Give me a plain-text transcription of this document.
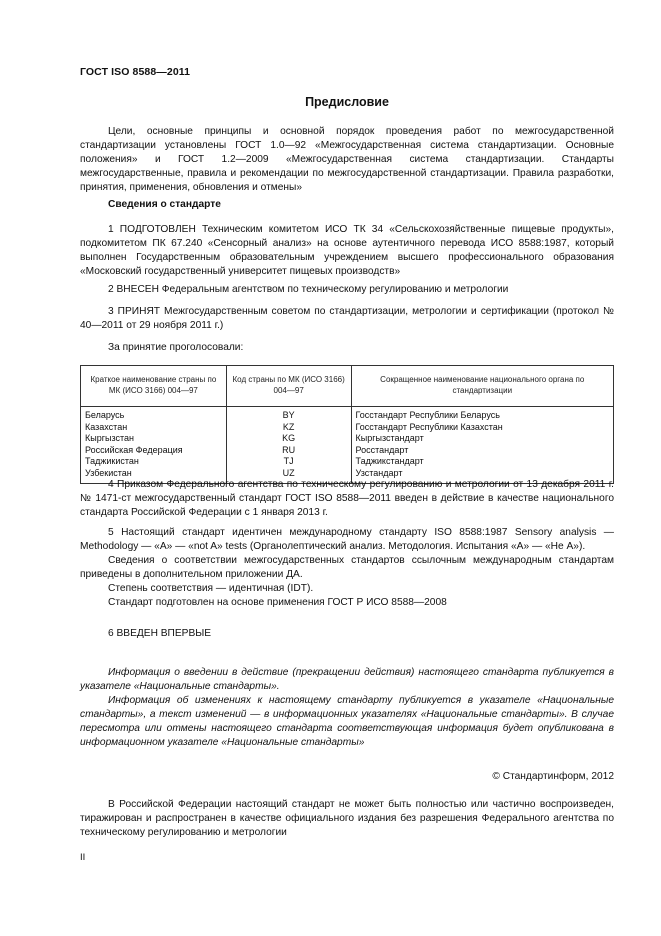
ГОСТ ISO 8588—2011
Предисловие

Цели, основные принципы и основной порядок проведения работ по межгосударственной стандартизации установлены ГОСТ 1.0—92 «Межгосударственная система стандартизации. Основные положения» и ГОСТ 1.2—2009 «Межгосударственная система стандартизации. Стандарты межгосударственные, правила и рекомендации по межгосударственной стандартизации. Правила разработки, принятия, применения, обновления и отмены»

Сведения о стандарте

1 ПОДГОТОВЛЕН Техническим комитетом ИСО ТК 34 «Сельскохозяйственные пищевые продукты», подкомитетом ПК 67.240 «Сенсорный анализ» на основе аутентичного перевода ИСО 8588:1987, который выполнен Государственным образовательным учреждением высшего профессионального образования «Московский государственный университет пищевых производств»

2 ВНЕСЕН Федеральным агентством по техническому регулированию и метрологии

3 ПРИНЯТ Межгосударственным советом по стандартизации, метрологии и сертификации (протокол № 40—2011 от 29 ноября 2011 г.)

За принятие проголосовали:

Краткое наименование страны по МК (ИСО 3166) 004—97	Код страны по МК (ИСО 3166) 004—97	Сокращенное наименование национального органа по стандартизации
Беларусь	BY	Госстандарт Республики Беларусь
Казахстан	KZ	Госстандарт Республики Казахстан
Кыргызстан	KG	Кыргызстандарт
Российская Федерация	RU	Росстандарт
Таджикистан	TJ	Таджикстандарт
Узбекистан	UZ	Узстандарт

4 Приказом Федерального агентства по техническому регулированию и метрологии от 13 декабря 2011 г. № 1471-ст межгосударственный стандарт ГОСТ ISO 8588—2011 введен в действие в качестве национального стандарта Российской Федерации с 1 января 2013 г.

5 Настоящий стандарт идентичен международному стандарту ISO 8588:1987 Sensory analysis — Methodology — «A» — «not A» tests (Органолептический анализ. Методология. Испытания «A» — «Не A»).

Сведения о соответствии межгосударственных стандартов ссылочным международным стандартам приведены в дополнительном приложении ДА.

Степень соответствия — идентичная (IDT).

Стандарт подготовлен на основе применения ГОСТ Р ИСО 8588—2008

6 ВВЕДЕН ВПЕРВЫЕ

Информация о введении в действие (прекращении действия) настоящего стандарта публикуется в указателе «Национальные стандарты».

Информация об изменениях к настоящему стандарту публикуется в указателе «Национальные стандарты», а текст изменений — в информационных указателях «Национальные стандарты». В случае пересмотра или отмены настоящего стандарта соответствующая информация будет опубликована в информационном указателе «Национальные стандарты»

© Стандартинформ, 2012

В Российской Федерации настоящий стандарт не может быть полностью или частично воспроизведен, тиражирован и распространен в качестве официального издания без разрешения Федерального агентства по техническому регулированию и метрологии

II
